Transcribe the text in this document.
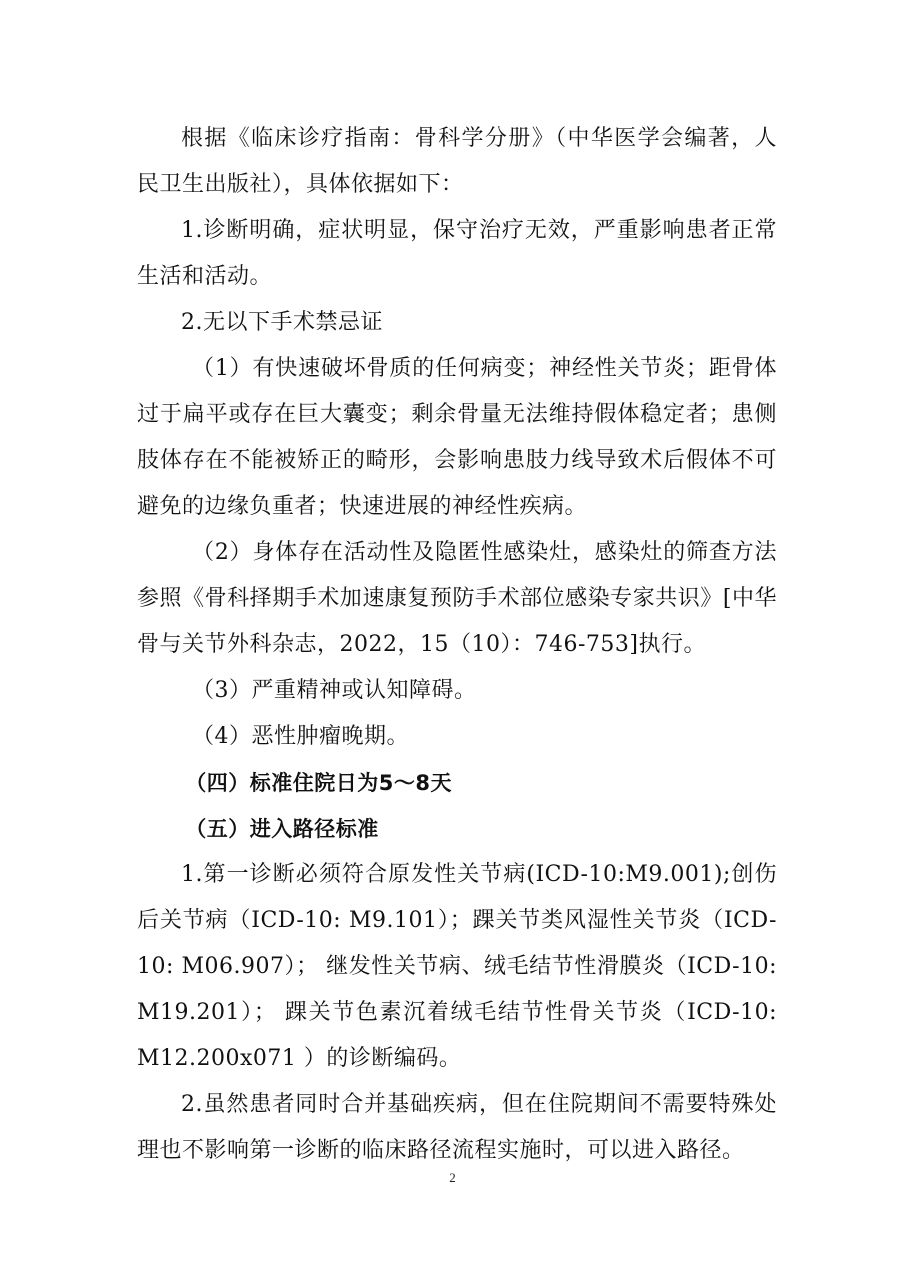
根据《临床诊疗指南：骨科学分册》（中华医学会编著，人民卫生出版社），具体依据如下：

1.诊断明确，症状明显，保守治疗无效，严重影响患者正常生活和活动。

2.无以下手术禁忌证

（1）有快速破坏骨质的任何病变；神经性关节炎；距骨体过于扁平或存在巨大囊变；剩余骨量无法维持假体稳定者；患侧肢体存在不能被矫正的畸形，会影响患肢力线导致术后假体不可避免的边缘负重者；快速进展的神经性疾病。

（2）身体存在活动性及隐匿性感染灶，感染灶的筛查方法参照《骨科择期手术加速康复预防手术部位感染专家共识》[中华骨与关节外科杂志，2022，15（10）：746-753]执行。

（3）严重精神或认知障碍。

（4）恶性肿瘤晚期。

（四）标准住院日为5～8天

（五）进入路径标准

1.第一诊断必须符合原发性关节病(ICD-10:M9.001);创伤后关节病（ICD-10: M9.101）；踝关节类风湿性关节炎（ICD-10: M06.907）； 继发性关节病、绒毛结节性滑膜炎（ICD-10: M19.201）； 踝关节色素沉着绒毛结节性骨关节炎（ICD-10: M12.200x071 ）的诊断编码。

2.虽然患者同时合并基础疾病，但在住院期间不需要特殊处理也不影响第一诊断的临床路径流程实施时，可以进入路径。

2
